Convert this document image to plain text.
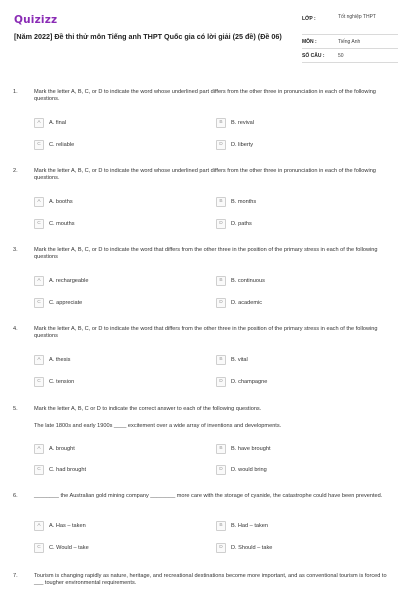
Quizizz
[Năm 2022] Đề thi thử môn Tiếng anh THPT Quốc gia có lời giải (25 đề) (Đề 06)
LỚP :	Tốt nghiệp THPT
MÔN :	Tiếng Anh
SỐ CÂU :	50
1.	Mark the letter A, B, C, or D to indicate the word whose underlined part differs from the other three in pronunciation in each of the following questions.
A	A. final	B	B. revival
C	C. reliable	D	D. liberty
2.	Mark the letter A, B, C, or D to indicate the word whose underlined part differs from the other three in pronunciation in each of the following questions.
A	A. booths	B	B. months
C	C. mouths	D	D. paths
3.	Mark the letter A, B, C, or D to indicate the word that differs from the other three in the position of the primary stress in each of the following questions
A	A. rechargeable	B	B. continuous
C	C. appreciate	D	D. academic
4.	Mark the letter A, B, C, or D to indicate the word that differs from the other three in the position of the primary stress in each of the following questions
A	A. thesis	B	B. vital
C	C. tension	D	D. champagne
5.	Mark the letter A, B, C or D to indicate the correct answer to each of the following questions.
The late 1800s and early 1900s ____ excitement over a wide array of inventions and developments.
A	A. brought	B	B. have brought
C	C. had brought	D	D. would bring
6.	________ the Australian gold mining company ________ more care with the storage of cyanide, the catastrophe could have been prevented.
A	A. Has – taken	B	B. Had – taken
C	C. Would – take	D	D. Should – take
7.	Tourism is changing rapidly as nature, heritage, and recreational destinations become more important, and as conventional tourism is forced to ___ tougher environmental requirements.
